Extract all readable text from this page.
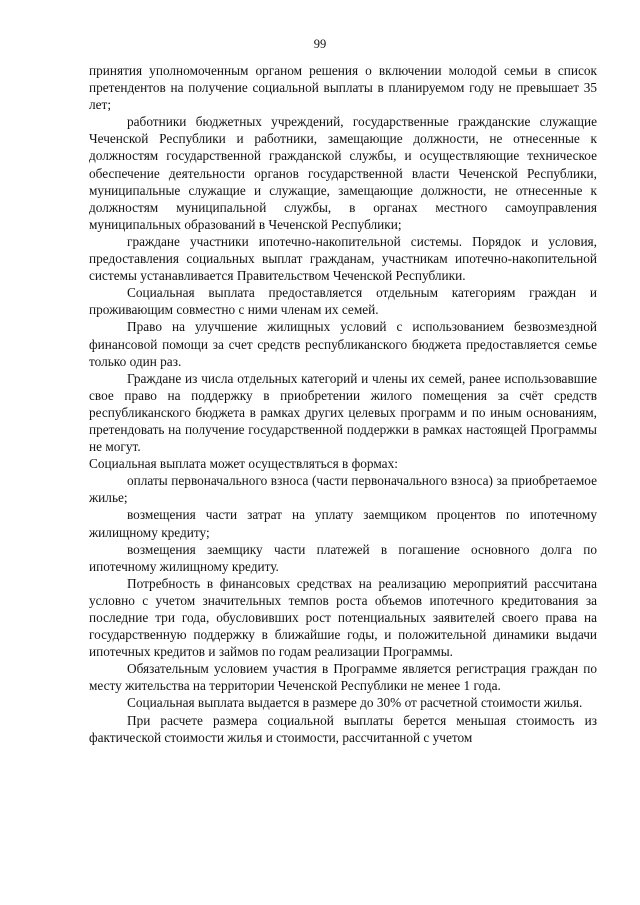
99

принятия уполномоченным органом решения о включении молодой семьи в список претендентов на получение социальной выплаты в планируемом году не превышает 35 лет;

работники бюджетных учреждений, государственные гражданские служащие Чеченской Республики и работники, замещающие должности, не отнесенные к должностям государственной гражданской службы, и осуществляющие техническое обеспечение деятельности органов государственной власти Чеченской Республики, муниципальные служащие и служащие, замещающие должности, не отнесенные к должностям муниципальной службы, в органах местного самоуправления муниципальных образований в Чеченской Республики;

граждане участники ипотечно-накопительной системы. Порядок и условия, предоставления социальных выплат гражданам, участникам ипотечно-накопительной системы устанавливается Правительством Чеченской Республики.

Социальная выплата предоставляется отдельным категориям граждан и проживающим совместно с ними членам их семей.

Право на улучшение жилищных условий с использованием безвозмездной финансовой помощи за счет средств республиканского бюджета предоставляется семье только один раз.

Граждане из числа отдельных категорий и члены их семей, ранее использовавшие свое право на поддержку в приобретении жилого помещения за счёт средств республиканского бюджета в рамках других целевых программ и по иным основаниям, претендовать на получение государственной поддержки в рамках настоящей Программы не могут.

Социальная выплата может осуществляться в формах:

оплаты первоначального взноса (части первоначального взноса) за приобретаемое жилье;

возмещения части затрат на уплату заемщиком процентов по ипотечному жилищному кредиту;

возмещения заемщику части платежей в погашение основного долга по ипотечному жилищному кредиту.

Потребность в финансовых средствах на реализацию мероприятий рассчитана условно с учетом значительных темпов роста объемов ипотечного кредитования за последние три года, обусловивших рост потенциальных заявителей своего права на государственную поддержку в ближайшие годы, и положительной динамики выдачи ипотечных кредитов и займов по годам реализации Программы.

Обязательным условием участия в Программе является регистрация граждан по месту жительства на территории Чеченской Республики не менее 1 года.

Социальная выплата выдается в размере до 30% от расчетной стоимости жилья.

При расчете размера социальной выплаты берется меньшая стоимость из фактической стоимости жилья и стоимости, рассчитанной с учетом
